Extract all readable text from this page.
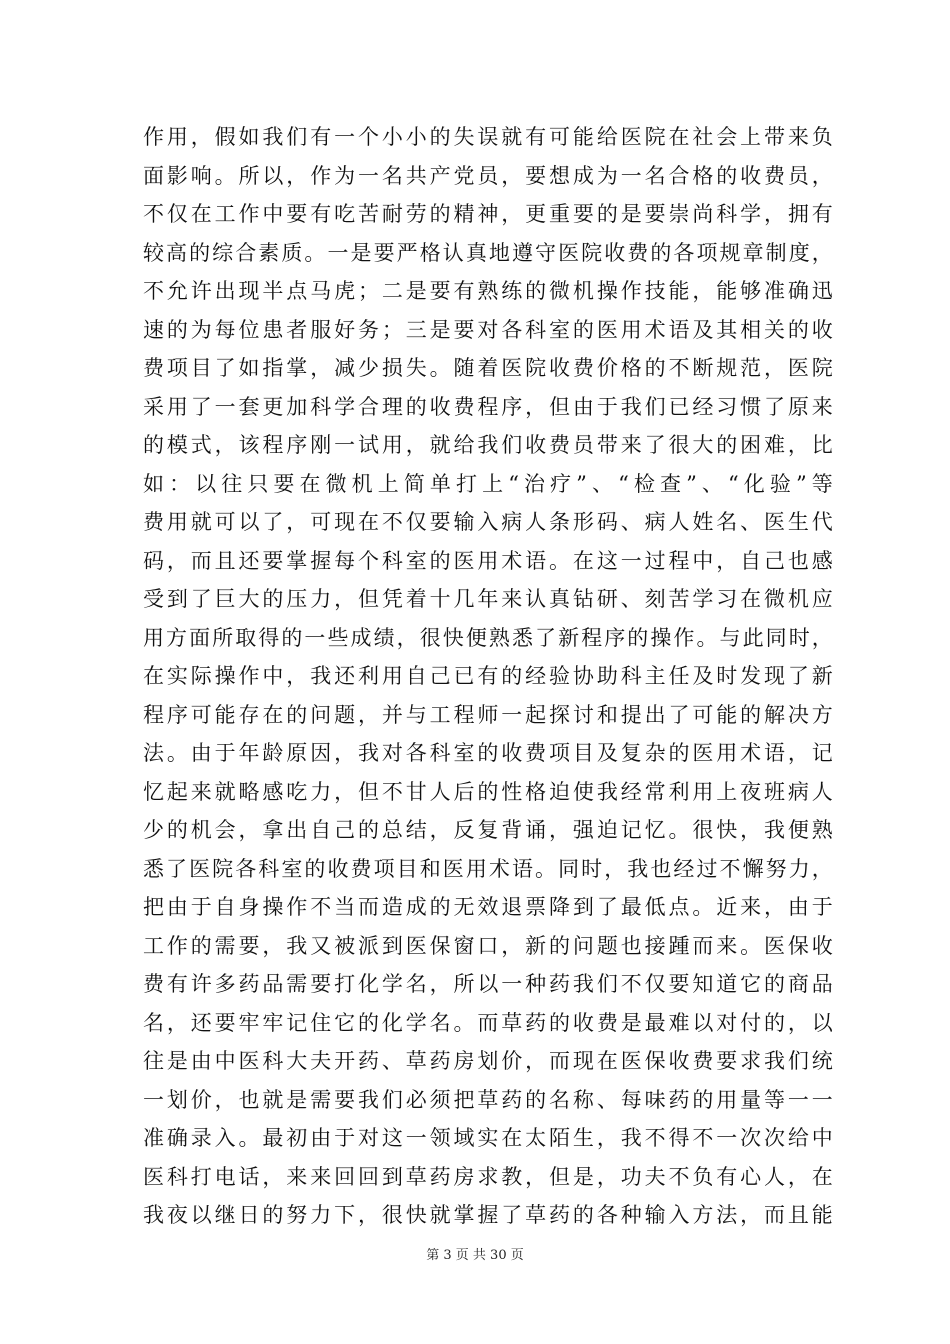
作用，假如我们有一个小小的失误就有可能给医院在社会上带来负
面影响。所以，作为一名共产党员，要想成为一名合格的收费员，
不仅在工作中要有吃苦耐劳的精神，更重要的是要崇尚科学，拥有
较高的综合素质。一是要严格认真地遵守医院收费的各项规章制度，
不允许出现半点马虎；二是要有熟练的微机操作技能，能够准确迅
速的为每位患者服好务；三是要对各科室的医用术语及其相关的收
费项目了如指掌，减少损失。随着医院收费价格的不断规范，医院
采用了一套更加科学合理的收费程序，但由于我们已经习惯了原来
的模式，该程序刚一试用，就给我们收费员带来了很大的困难，比
如：以往只要在微机上简单打上“治疗”、“检查”、“化验”等
费用就可以了，可现在不仅要输入病人条形码、病人姓名、医生代
码，而且还要掌握每个科室的医用术语。在这一过程中，自己也感
受到了巨大的压力，但凭着十几年来认真钻研、刻苦学习在微机应
用方面所取得的一些成绩，很快便熟悉了新程序的操作。与此同时，
在实际操作中，我还利用自己已有的经验协助科主任及时发现了新
程序可能存在的问题，并与工程师一起探讨和提出了可能的解决方
法。由于年龄原因，我对各科室的收费项目及复杂的医用术语，记
忆起来就略感吃力，但不甘人后的性格迫使我经常利用上夜班病人
少的机会，拿出自己的总结，反复背诵，强迫记忆。很快，我便熟
悉了医院各科室的收费项目和医用术语。同时，我也经过不懈努力，
把由于自身操作不当而造成的无效退票降到了最低点。近来，由于
工作的需要，我又被派到医保窗口，新的问题也接踵而来。医保收
费有许多药品需要打化学名，所以一种药我们不仅要知道它的商品
名，还要牢牢记住它的化学名。而草药的收费是最难以对付的，以
往是由中医科大夫开药、草药房划价，而现在医保收费要求我们统
一划价，也就是需要我们必须把草药的名称、每味药的用量等一一
准确录入。最初由于对这一领域实在太陌生，我不得不一次次给中
医科打电话，来来回回到草药房求教，但是，功夫不负有心人，在
我夜以继日的努力下，很快就掌握了草药的各种输入方法，而且能
第 3 页 共 30 页
